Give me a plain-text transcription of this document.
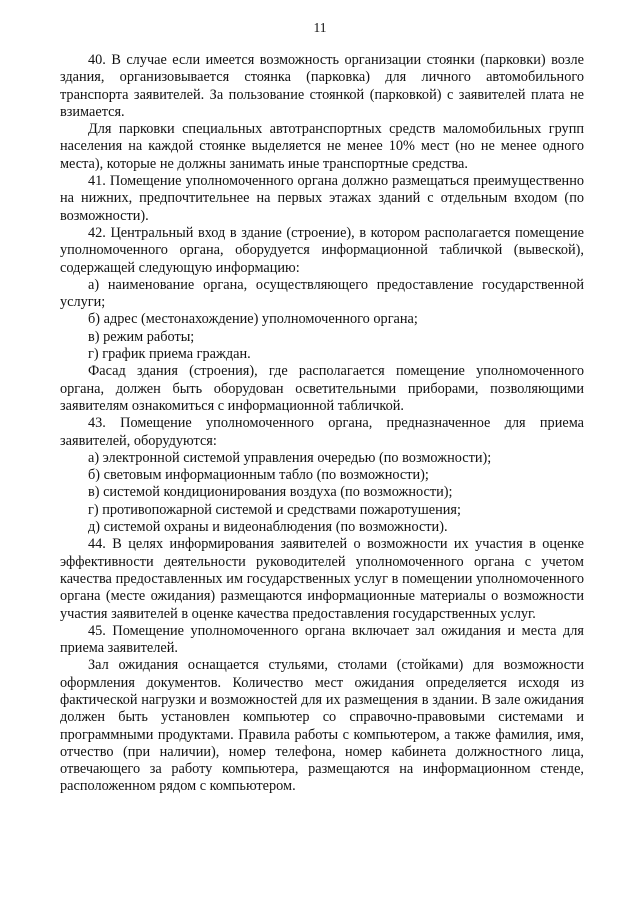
11

40. В случае если имеется возможность организации стоянки (парковки) возле здания, организовывается стоянка (парковка) для личного автомобильного транспорта заявителей. За пользование стоянкой (парковкой) с заявителей плата не взимается.

Для парковки специальных автотранспортных средств маломобильных групп населения на каждой стоянке выделяется не менее 10% мест (но не менее одного места), которые не должны занимать иные транспортные средства.

41. Помещение уполномоченного органа должно размещаться преимущественно на нижних, предпочтительнее на первых этажах зданий с отдельным входом (по возможности).

42. Центральный вход в здание (строение), в котором располагается помещение уполномоченного органа, оборудуется информационной табличкой (вывеской), содержащей следующую информацию:

а) наименование органа, осуществляющего предоставление государственной услуги;

б) адрес (местонахождение) уполномоченного органа;

в) режим работы;

г) график приема граждан.

Фасад здания (строения), где располагается помещение уполномоченного органа, должен быть оборудован осветительными приборами, позволяющими заявителям ознакомиться с информационной табличкой.

43. Помещение уполномоченного органа, предназначенное для приема заявителей, оборудуются:

а) электронной системой управления очередью (по возможности);

б) световым информационным табло (по возможности);

в) системой кондиционирования воздуха (по возможности);

г) противопожарной системой и средствами пожаротушения;

д) системой охраны и видеонаблюдения (по возможности).

44. В целях информирования заявителей о возможности их участия в оценке эффективности деятельности руководителей уполномоченного органа с учетом качества предоставленных им государственных услуг в помещении уполномоченного органа (месте ожидания) размещаются информационные материалы о возможности участия заявителей в оценке качества предоставления государственных услуг.

45. Помещение уполномоченного органа включает зал ожидания и места для приема заявителей.

Зал ожидания оснащается стульями, столами (стойками) для возможности оформления документов. Количество мест ожидания определяется исходя из фактической нагрузки и возможностей для их размещения в здании. В зале ожидания должен быть установлен компьютер со справочно-правовыми системами и программными продуктами. Правила работы с компьютером, а также фамилия, имя, отчество (при наличии), номер телефона, номер кабинета должностного лица, отвечающего за работу компьютера, размещаются на информационном стенде, расположенном рядом с компьютером.
